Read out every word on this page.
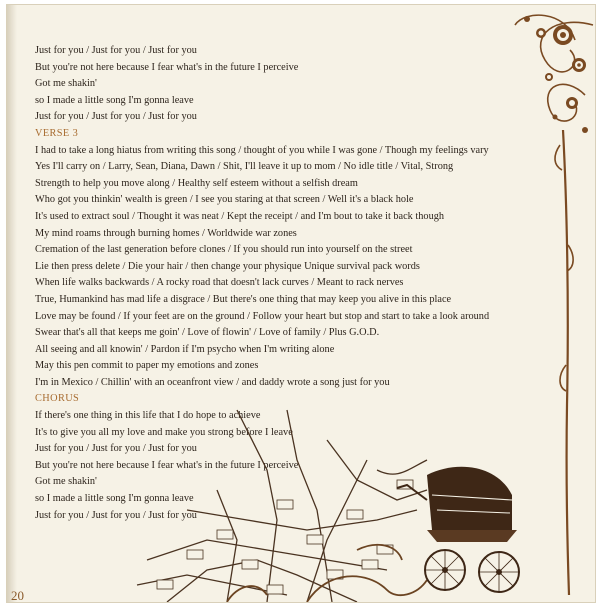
Just for you / Just for you / Just for you
But you're not here because I fear what's in the future I perceive
Got me shakin'
so I made a little song I'm gonna leave
Just for you / Just for you / Just for you
VERSE 3
I had to take a long hiatus from writing this song / thought of you while I was gone / Though my feelings vary
Yes I'll carry on / Larry, Sean, Diana, Dawn / Shit, I'll leave it up to mom / No idle title / Vital, Strong
Strength to help you move along / Healthy self esteem without a selfish dream
Who got you thinkin' wealth is green / I see you staring at that screen / Well it's a black hole
It's used to extract soul / Thought it was neat / Kept the receipt / and I'm bout to take it back though
My mind roams through burning homes / Worldwide war zones
Cremation of the last generation before clones / If you should run into yourself on the street
Lie then press delete / Die your hair / then change your physique Unique survival pack words
When life walks backwards / A rocky road that doesn't lack curves / Meant to rack nerves
True, Humankind has mad life a disgrace / But there's one thing that may keep you alive in this place
Love may be found / If your feet are on the ground / Follow your heart but stop and start to take a look around
Swear that's all that keeps me goin' / Love of flowin' / Love of family / Plus G.O.D.
All seeing and all knowin' / Pardon if I'm psycho when I'm writing alone
May this pen commit to paper my emotions and zones
I'm in Mexico / Chillin' with an oceanfront view / and daddy wrote a song just for you
CHORUS
If there's one thing in this life that I do hope to achieve
It's to give you all my love and make you strong before I leave
Just for you / Just for you / Just for you
But you're not here because I fear what's in the future I perceive
Got me shakin'
so I made a little song I'm gonna leave
Just for you / Just for you / Just for you
20
